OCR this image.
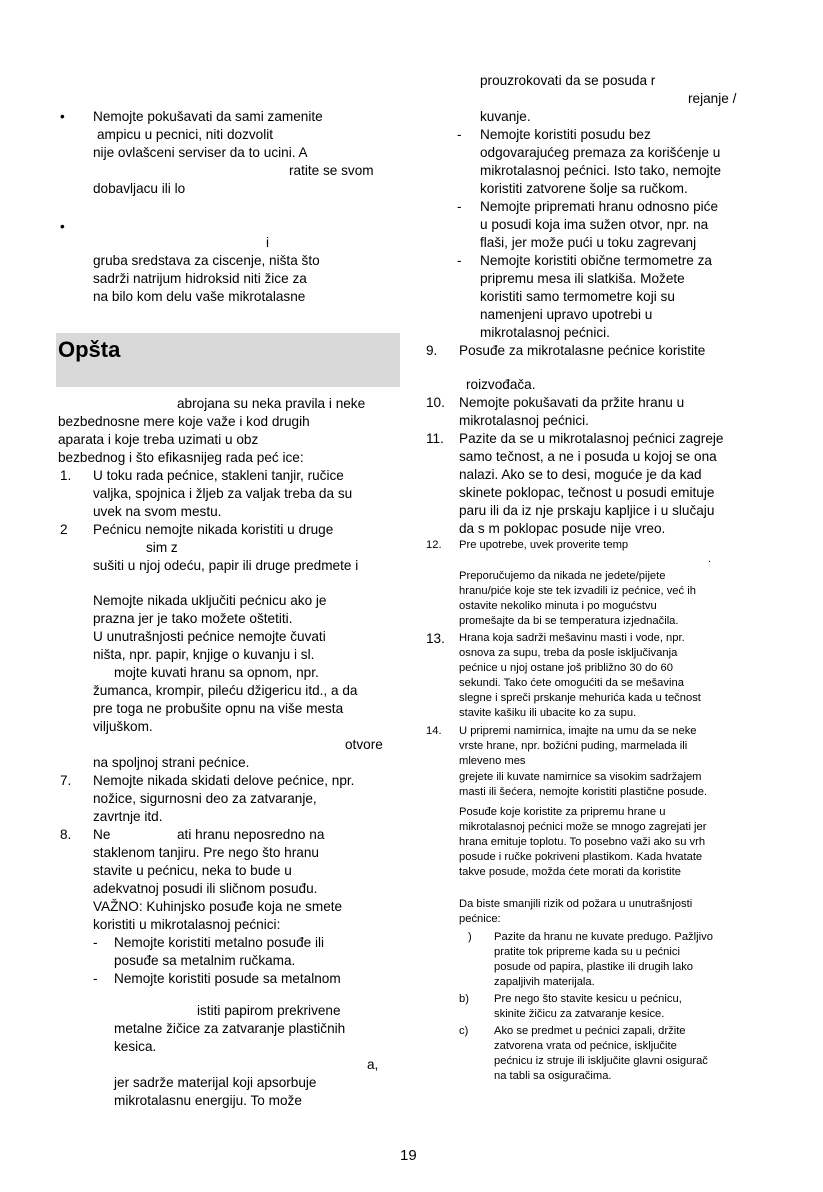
Opšta
• Nemojte pokušavati da sami zamenite
ampicu u pecnici, niti dozvolit
nije ovlašceni serviser da to ucini. A
ratite se svom
dobavljacu ili lo
•
i
gruba sredstava za ciscenje, ništa što
sadrži natrijum hidroksid niti žice za
na bilo kom delu vaše mikrotalasne
abrojana su neka pravila i neke
bezbednosne mere koje važe i kod drugih
aparata i koje treba uzimati u obz
bezbednog i što efikasnijeg rada peć ice:
1. U toku rada pećnice, stakleni tanjir, ručice
valjka, spojnica i žljeb za valjak treba da su
uvek na svom mestu.
2 Pećnicu nemojte nikada koristiti u druge
sim z
sušiti u njoj odeću, papir ili druge predmete i
Nemojte nikada uključiti pećnicu ako je
prazna jer je tako možete oštetiti.
U unutrašnjosti pećnice nemojte čuvati
ništa, npr. papir, knjige o kuvanju i sl.
mojte kuvati hranu sa opnom, npr.
žumanca, krompir, pileću džigericu itd., a da
pre toga ne probušite opnu na više mesta
viljuškom.
otvore
na spoljnoj strani pećnice.
7. Nemojte nikada skidati delove pećnice, npr.
nožice, sigurnosni deo za zatvaranje,
zavrtnje itd.
8. Ne	ati hranu neposredno na
staklenom tanjiru. Pre nego što hranu
stavite u pećnicu, neka to bude u
adekvatnoj posudi ili sličnom posuđu.
VAŽNO: Kuhinjsko posuđe koja ne smete
koristiti u mikrotalasnoj pećnici:
- Nemojte koristiti metalno posuđe ili
posuđe sa metalnim ručkama.
- Nemojte koristiti posude sa metalnom
istiti papirom prekrivene
metalne žičice za zatvaranje plastičnih
kesica.
a,
jer sadrže materijal koji apsorbuje
mikrotalasnu energiju. To može
prouzrokovati da se posuda r
rejanje /
kuvanje.
- Nemojte koristiti posudu bez
odgovarajućeg premaza za korišćenje u
mikrotalasnoj pećnici. Isto tako, nemojte
koristiti zatvorene šolje sa ručkom.
- Nemojte pripremati hranu odnosno piće
u posudi koja ima sužen otvor, npr. na
flaši, jer može pući u toku zagrevanj
- Nemojte koristiti obične termometre za
pripremu mesa ili slatkiša. Možete
koristiti samo termometre koji su
namenjeni upravo upotrebi u
mikrotalasnoj pećnici.
9. Posuđe za mikrotalasne pećnice koristite
roizvođača.
10. Nemojte pokušavati da pržite hranu u
mikrotalasnoj pećnici.
11. Pazite da se u mikrotalasnoj pećnici zagreje
samo tečnost, a ne i posuda u kojoj se ona
nalazi. Ako se to desi, moguće je da kad
skinete poklopac, tečnost u posudi emituje
paru ili da iz nje prskaju kapljice i u slučaju
da s m poklopac posude nije vreo.
12. Pre upotrebe, uvek proverite temp
.
Preporučujemo da nikada ne jedete/pijete
hranu/piće koje ste tek izvadili iz pećnice, već ih
ostavite nekoliko minuta i po mogućstvu
promešajte da bi se temperatura izjednačila.
13. Hrana koja sadrži mešavinu masti i vode, npr.
osnova za supu, treba da posle isključivanja
pećnice u njoj ostane još približno 30 do 60
sekundi. Tako ćete omogućiti da se mešavina
slegne i spreči prskanje mehurića kada u tečnost
stavite kašiku ili ubacite ko za supu.
14. U pripremi namirnica, imajte na umu da se neke
vrste hrane, npr. božićni puding, marmelada ili
mleveno mes
grejete ili kuvate namirnice sa visokim sadržajem
masti ili šećera, nemojte koristiti plastične posude.
Posuđe koje koristite za pripremu hrane u
mikrotalasnoj pećnici može se mnogo zagrejati jer
hrana emituje toplotu. To posebno važi ako su vrh
posude i ručke pokriveni plastikom. Kada hvatate
takve posude, možda ćete morati da koristite
Da biste smanjili rizik od požara u unutrašnjosti
pećnice:
) Pazite da hranu ne kuvate predugo. Pažljivo
pratite tok pripreme kada su u pećnici
posude od papira, plastike ili drugih lako
zapaljivih materijala.
b) Pre nego što stavite kesicu u pećnicu,
skinite žičicu za zatvaranje kesice.
c) Ako se predmet u pećnici zapali, držite
zatvorena vrata od pećnice, isključite
pećnicu iz struje ili isključite glavni osigurač
na tabli sa osiguračima.
19
